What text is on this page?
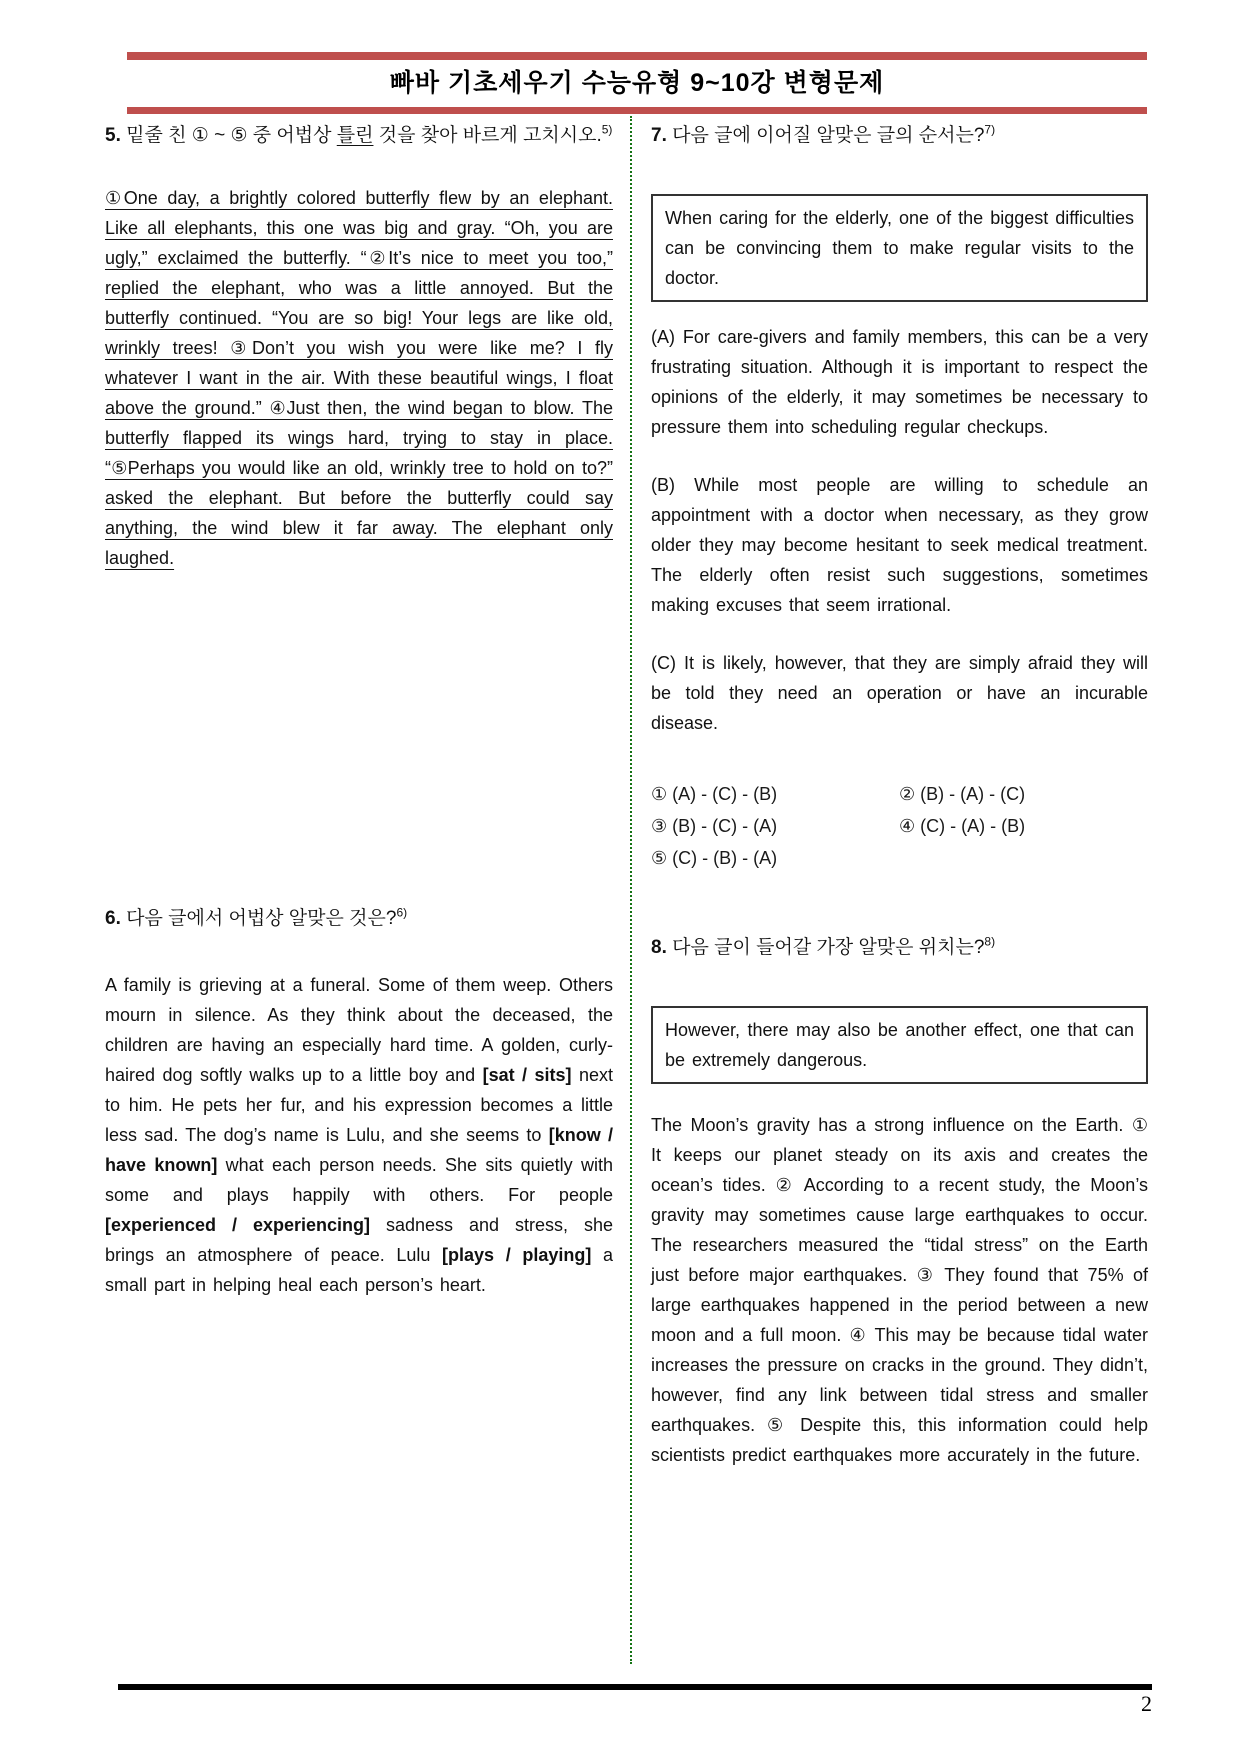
빠바 기초세우기 수능유형 9~10강 변형문제
5. 밑줄 친 ① ~ ⑤ 중 어법상 틀린 것을 찾아 바르게 고치시오.$^{5)}$
①One day, a brightly colored butterfly flew by an elephant. Like all elephants, this one was big and gray. “Oh, you are ugly,” exclaimed the butterfly. “②It’s nice to meet you too,” replied the elephant, who was a little annoyed. But the butterfly continued. “You are so big! Your legs are like old, wrinkly trees! ③Don’t you wish you were like me? I fly whatever I want in the air. With these beautiful wings, I float above the ground.” ④Just then, the wind began to blow. The butterfly flapped its wings hard, trying to stay in place. “⑤Perhaps you would like an old, wrinkly tree to hold on to?” asked the elephant. But before the butterfly could say anything, the wind blew it far away. The elephant only laughed.
6. 다음 글에서 어법상 알맞은 것은?$^{6)}$
A family is grieving at a funeral. Some of them weep. Others mourn in silence. As they think about the deceased, the children are having an especially hard time. A golden, curly-haired dog softly walks up to a little boy and [sat / sits] next to him. He pets her fur, and his expression becomes a little less sad. The dog’s name is Lulu, and she seems to [know / have known] what each person needs. She sits quietly with some and plays happily with others. For people [experienced / experiencing] sadness and stress, she brings an atmosphere of peace. Lulu [plays / playing] a small part in helping heal each person’s heart.
7. 다음 글에 이어질 알맞은 글의 순서는?$^{7)}$
When caring for the elderly, one of the biggest difficulties can be convincing them to make regular visits to the doctor.
(A) For care-givers and family members, this can be a very frustrating situation. Although it is important to respect the opinions of the elderly, it may sometimes be necessary to pressure them into scheduling regular checkups.
(B) While most people are willing to schedule an appointment with a doctor when necessary, as they grow older they may become hesitant to seek medical treatment. The elderly often resist such suggestions, sometimes making excuses that seem irrational.
(C) It is likely, however, that they are simply afraid they will be told they need an operation or have an incurable disease.
① (A) - (C) - (B)	② (B) - (A) - (C)
③ (B) - (C) - (A)	④ (C) - (A) - (B)
⑤ (C) - (B) - (A)
8. 다음 글이 들어갈 가장 알맞은 위치는?$^{8)}$
However, there may also be another effect, one that can be extremely dangerous.
The Moon’s gravity has a strong influence on the Earth. ① It keeps our planet steady on its axis and creates the ocean’s tides. ② According to a recent study, the Moon’s gravity may sometimes cause large earthquakes to occur. The researchers measured the “tidal stress” on the Earth just before major earthquakes. ③ They found that 75% of large earthquakes happened in the period between a new moon and a full moon. ④ This may be because tidal water increases the pressure on cracks in the ground. They didn’t, however, find any link between tidal stress and smaller earthquakes. ⑤ Despite this, this information could help scientists predict earthquakes more accurately in the future.
2
